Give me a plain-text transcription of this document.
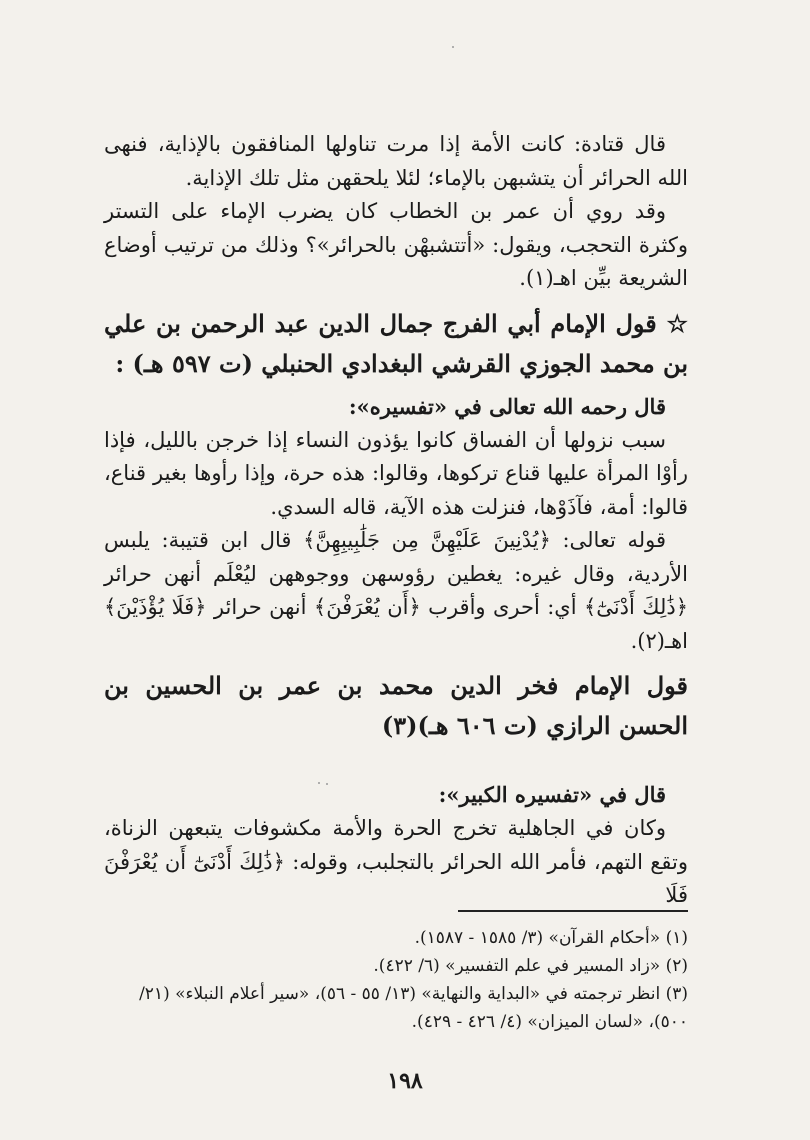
قال قتادة: كانت الأمة إذا مرت تناولها المنافقون بالإذاية، فنهى الله الحرائر أن يتشبهن بالإماء؛ لئلا يلحقهن مثل تلك الإذاية.

وقد روي أن عمر بن الخطاب كان يضرب الإماء على التستر وكثرة التحجب، ويقول: «أتتشبهْن بالحرائر»؟ وذلك من ترتيب أوضاع الشريعة بيِّن اهـ(١).

☆ قول الإمام أبي الفرج جمال الدين عبد الرحمن بن علي بن محمد الجوزي القرشي البغدادي الحنبلي (ت ٥٩٧ هـ) :

قال رحمه الله تعالى في «تفسيره»:

سبب نزولها أن الفساق كانوا يؤذون النساء إذا خرجن بالليل، فإذا رأوْا المرأة عليها قناع تركوها، وقالوا: هذه حرة، وإذا رأوها بغير قناع، قالوا: أمة، فآذَوْها، فنزلت هذه الآية، قاله السدي.

قوله تعالى: ﴿يُدْنِينَ عَلَيْهِنَّ مِن جَلَٰبِيبِهِنَّ﴾ قال ابن قتيبة: يلبس الأردية، وقال غيره: يغطين رؤوسهن ووجوههن ليُعْلَم أنهن حرائر ﴿ذَٰلِكَ أَدْنَىٰٓ﴾ أي: أحرى وأقرب ﴿أَن يُعْرَفْنَ﴾ أنهن حرائر ﴿فَلَا يُؤْذَيْنَ﴾ اهـ(٢).

قول الإمام فخر الدين محمد بن عمر بن الحسين بن الحسن الرازي (ت ٦٠٦ هـ)(٣)

قال في «تفسيره الكبير»:

وكان في الجاهلية تخرج الحرة والأمة مكشوفات يتبعهن الزناة، وتقع التهم، فأمر الله الحرائر بالتجلبب، وقوله: ﴿ذَٰلِكَ أَدْنَىٰٓ أَن يُعْرَفْنَ فَلَا

(١) «أحكام القرآن» (٣/ ١٥٨٥ - ١٥٨٧).

(٢) «زاد المسير في علم التفسير» (٦/ ٤٢٢).

(٣) انظر ترجمته في «البداية والنهاية» (١٣/ ٥٥ - ٥٦)، «سير أعلام النبلاء» (٢١/ ٥٠٠)، «لسان الميزان» (٤/ ٤٢٦ - ٤٢٩).

١٩٨
